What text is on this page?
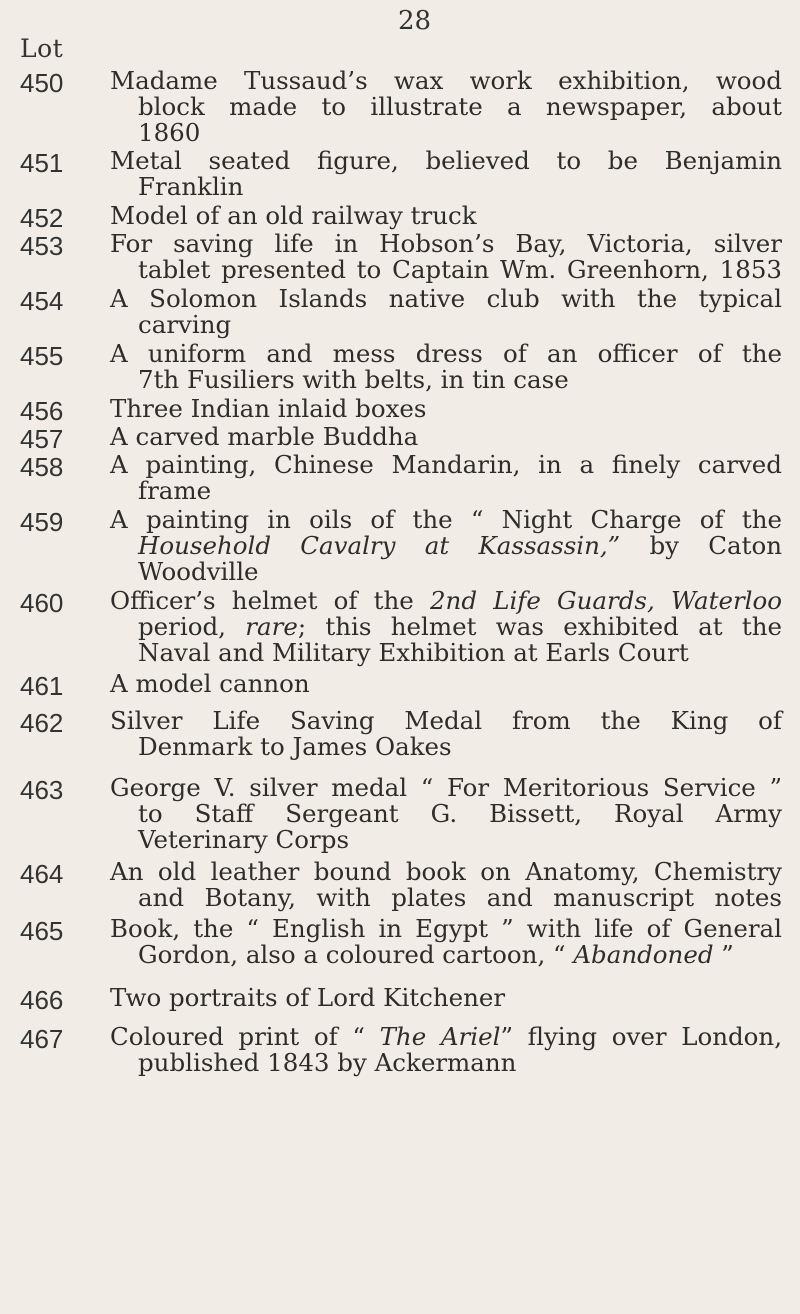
28
Lot
450 Madame Tussaud’s wax work exhibition, wood
block made to illustrate a newspaper, about
1860
451 Metal seated figure, believed to be Benjamin
Franklin
452 Model of an old railway truck
453 For saving life in Hobson’s Bay, Victoria, silver
tablet presented to Captain Wm. Greenhorn, 1853
454 A Solomon Islands native club with the typical
carving
455 A uniform and mess dress of an officer of the
7th Fusiliers with belts, in tin case
456 Three Indian inlaid boxes
457 A carved marble Buddha
458 A painting, Chinese Mandarin, in a finely carved
frame
459 A painting in oils of the “ Night Charge of the
Household Cavalry at Kassassin,” by Caton
Woodville
460 Officer’s helmet of the 2nd Life Guards, Waterloo
period, rare; this helmet was exhibited at the
Naval and Military Exhibition at Earls Court
461 A model cannon
462 Silver Life Saving Medal from the King of
Denmark to James Oakes
463 George V. silver medal “ For Meritorious Service ”
to Staff Sergeant G. Bissett, Royal Army
Veterinary Corps
464 An old leather bound book on Anatomy, Chemistry
and Botany, with plates and manuscript notes
465 Book, the “ English in Egypt ” with life of General
Gordon, also a coloured cartoon, “ Abandoned ”
466 Two portraits of Lord Kitchener
467 Coloured print of “ The Ariel” flying over London,
published 1843 by Ackermann
